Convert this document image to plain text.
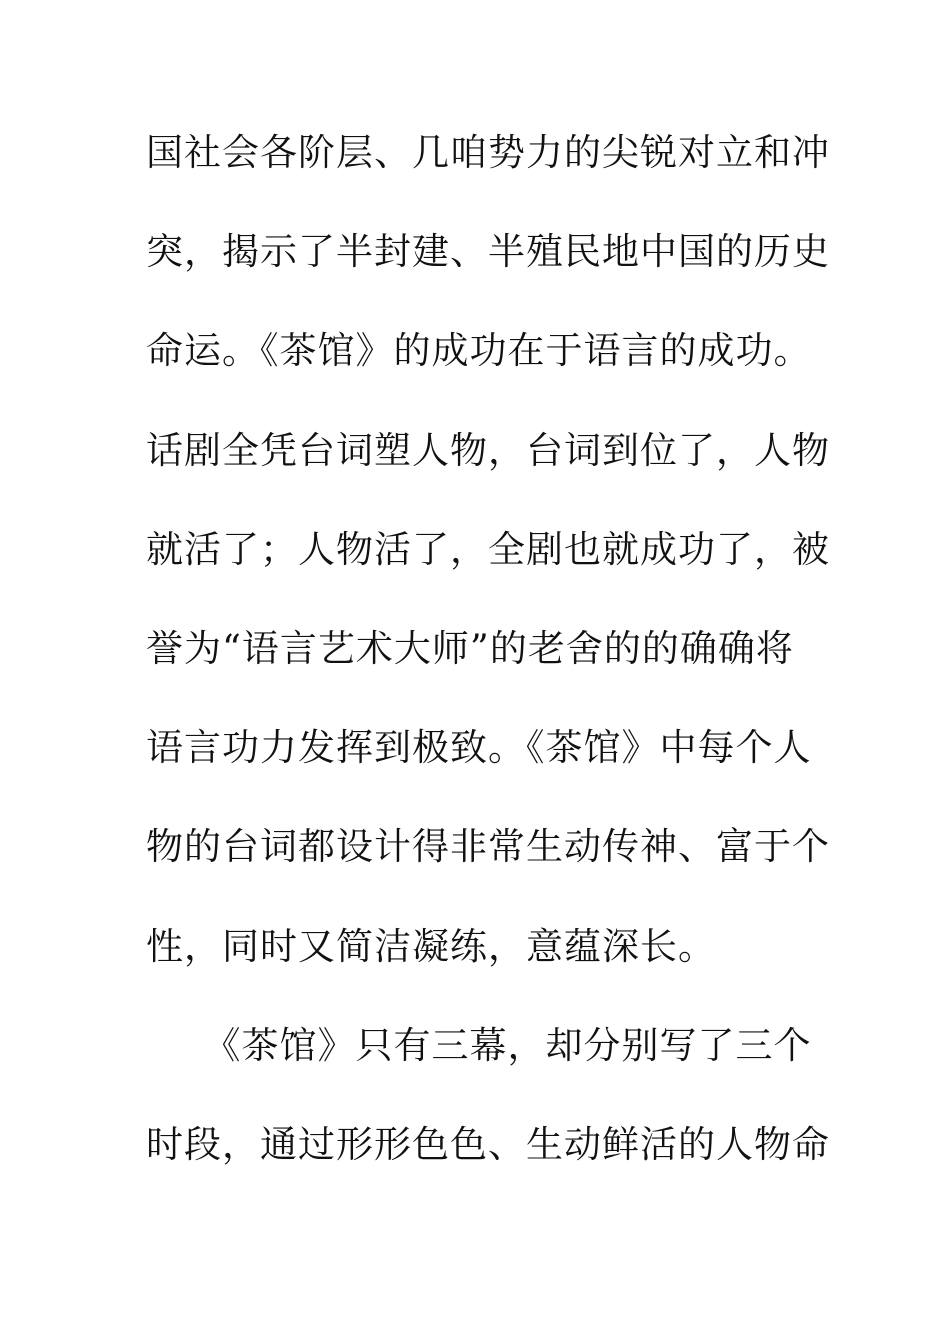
国社会各阶层、几咱势力的尖锐对立和冲
突，揭示了半封建、半殖民地中国的历史
命运。《茶馆》的成功在于语言的成功。
话剧全凭台词塑人物，台词到位了，人物
就活了；人物活了，全剧也就成功了，被
誉为“语言艺术大师”的老舍的的确确将
语言功力发挥到极致。《茶馆》中每个人
物的台词都设计得非常生动传神、富于个
性，同时又简洁凝练，意蕴深长。
　　《茶馆》只有三幕，却分别写了三个
时段，通过形形色色、生动鲜活的人物命
